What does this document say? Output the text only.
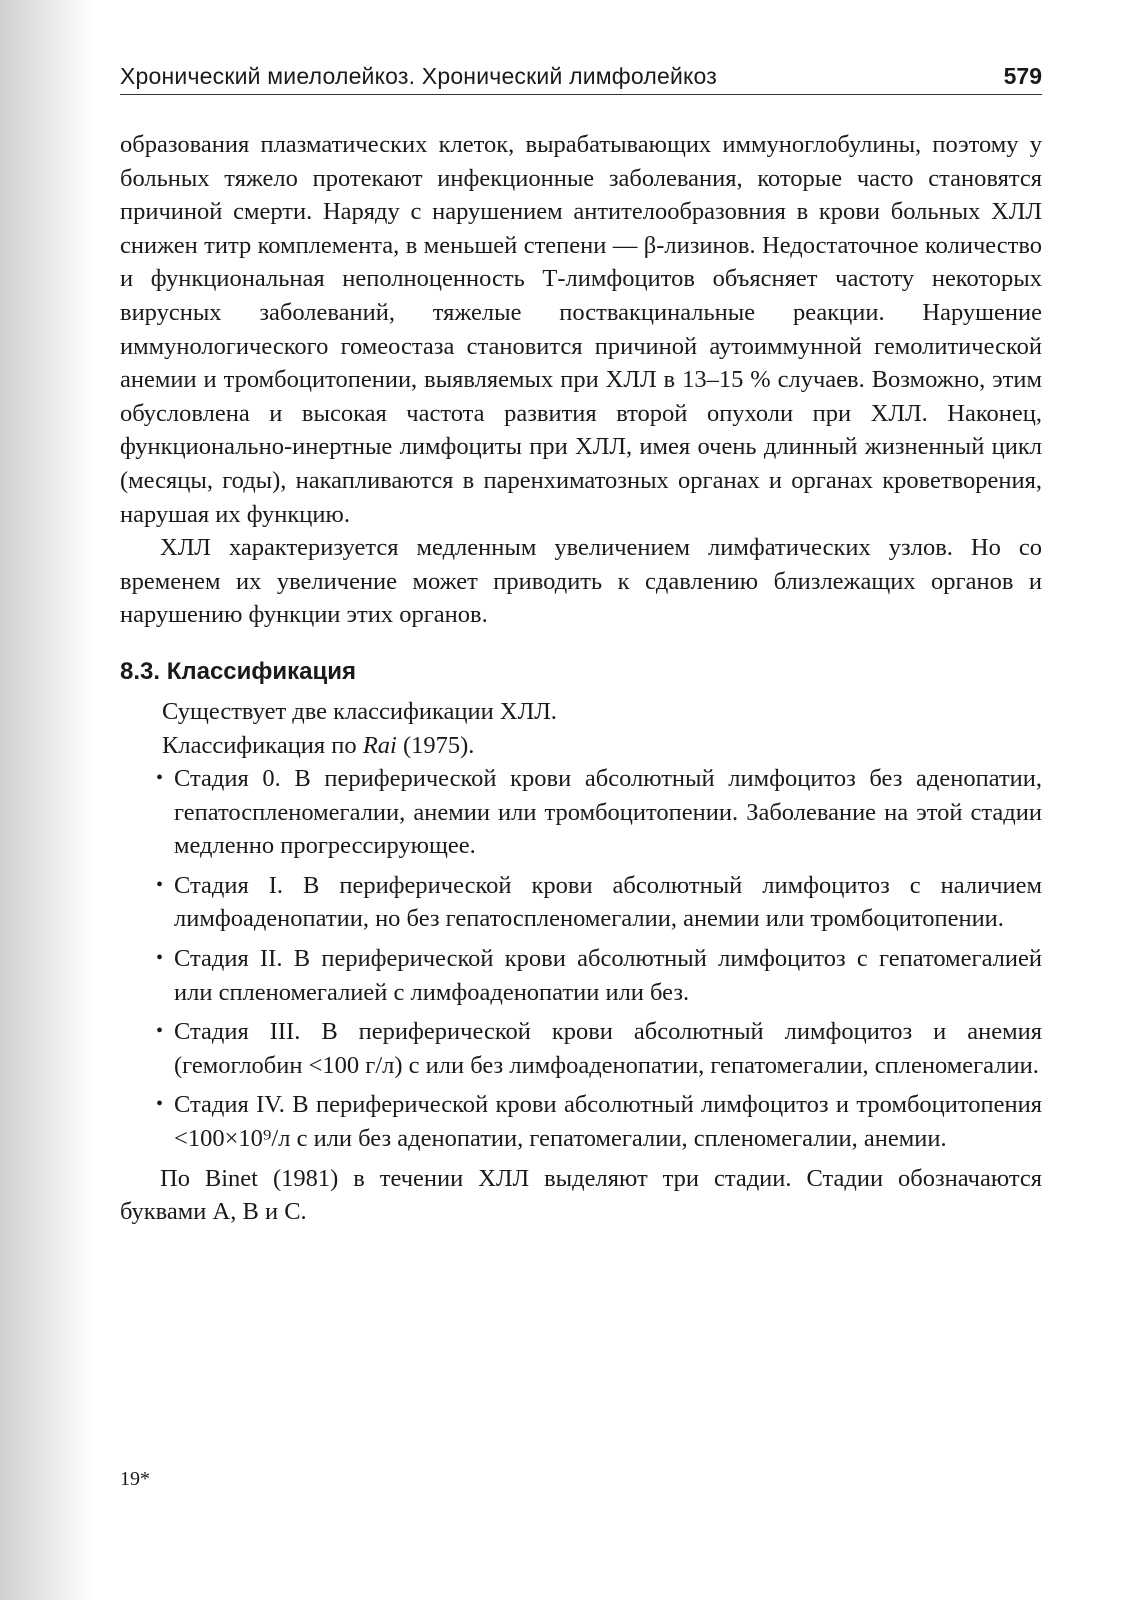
Хронический миелолейкоз. Хронический лимфолейкоз	579

образования плазматических клеток, вырабатывающих иммуноглобулины, поэтому у больных тяжело протекают инфекционные заболевания, которые часто становятся причиной смерти. Наряду с нарушением антителообразовния в крови больных ХЛЛ снижен титр комплемента, в меньшей степени — β-лизинов. Недостаточное количество и функциональная неполноценность Т-лимфоцитов объясняет частоту некоторых вирусных заболеваний, тяжелые поствакцинальные реакции. Нарушение иммунологического гомеостаза становится причиной аутоиммунной гемолитической анемии и тромбоцитопении, выявляемых при ХЛЛ в 13–15 % случаев. Возможно, этим обусловлена и высокая частота развития второй опухоли при ХЛЛ. Наконец, функционально-инертные лимфоциты при ХЛЛ, имея очень длинный жизненный цикл (месяцы, годы), накапливаются в паренхиматозных органах и органах кроветворения, нарушая их функцию.

ХЛЛ характеризуется медленным увеличением лимфатических узлов. Но со временем их увеличение может приводить к сдавлению близлежащих органов и нарушению функции этих органов.

8.3. Классификация

Существует две классификации ХЛЛ.

Классификация по Rai (1975).

• Стадия 0. В периферической крови абсолютный лимфоцитоз без аденопатии, гепатоспленомегалии, анемии или тромбоцитопении. Заболевание на этой стадии медленно прогрессирующее.
• Стадия I. В периферической крови абсолютный лимфоцитоз с наличием лимфоаденопатии, но без гепатоспленомегалии, анемии или тромбоцитопении.
• Стадия II. В периферической крови абсолютный лимфоцитоз с гепатомегалией или спленомегалией с лимфоаденопатии или без.
• Стадия III. В периферической крови абсолютный лимфоцитоз и анемия (гемоглобин <100 г/л) с или без лимфоаденопатии, гепатомегалии, спленомегалии.
• Стадия IV. В периферической крови абсолютный лимфоцитоз и тромбоцитопения <100×10⁹/л с или без аденопатии, гепатомегалии, спленомегалии, анемии.

По Binet (1981) в течении ХЛЛ выделяют три стадии. Стадии обозначаются буквами А, В и С.

19*
